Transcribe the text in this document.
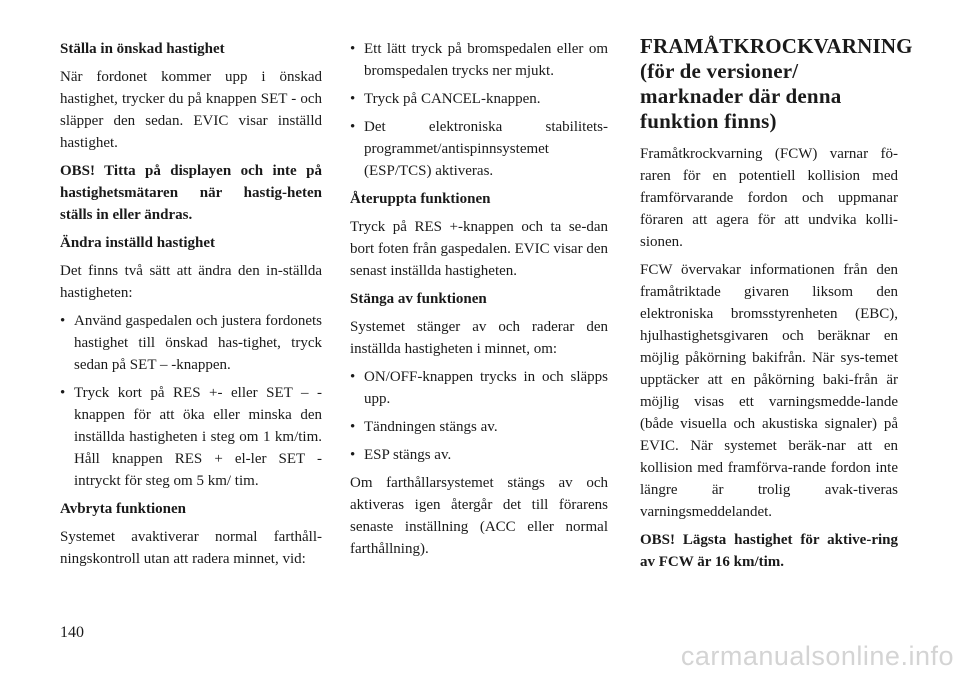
Ställa in önskad hastighet
När fordonet kommer upp i önskad hastighet, trycker du på knappen SET - och släpper den sedan. EVIC visar inställd hastighet.
OBS! Titta på displayen och inte på hastighetsmätaren när hastig-heten ställs in eller ändras.
Ändra inställd hastighet
Det finns två sätt att ändra den in-ställda hastigheten:
• Använd gaspedalen och justera fordonets hastighet till önskad has-tighet, tryck sedan på SET – -knappen.
• Tryck kort på RES +- eller SET – -knappen för att öka eller minska den inställda hastigheten i steg om 1 km/tim. Håll knappen RES + el-ler SET - intryckt för steg om 5 km/ tim.
Avbryta funktionen
Systemet avaktiverar normal farthåll-ningskontroll utan att radera minnet, vid:
• Ett lätt tryck på bromspedalen eller om bromspedalen trycks ner mjukt.
• Tryck på CANCEL-knappen.
• Det elektroniska stabilitets-programmet/antispinnsystemet (ESP/TCS) aktiveras.
Återuppta funktionen
Tryck på RES +-knappen och ta se-dan bort foten från gaspedalen. EVIC visar den senast inställda hastigheten.
Stänga av funktionen
Systemet stänger av och raderar den inställda hastigheten i minnet, om:
• ON/OFF-knappen trycks in och släpps upp.
• Tändningen stängs av.
• ESP stängs av.
Om farthållarsystemet stängs av och aktiveras igen återgår det till förarens senaste inställning (ACC eller normal farthållning).
FRAMÅTKROCKVARNING
(för de versioner/
marknader där denna
funktion finns)
Framåtkrockvarning (FCW) varnar fö-raren för en potentiell kollision med framförvarande fordon och uppmanar föraren att agera för att undvika kolli-sionen.
FCW övervakar informationen från den framåtriktade givaren liksom den elektroniska bromsstyrenheten (EBC), hjulhastighetsgivaren och beräknar en möjlig påkörning bakifrån. När sys-temet upptäcker att en påkörning baki-från är möjlig visas ett varningsmedde-lande (både visuella och akustiska signaler) på EVIC. När systemet beräk-nar att en kollision med framförva-rande fordon inte längre är trolig avak-tiveras varningsmeddelandet.
OBS! Lägsta hastighet för aktive-ring av FCW är 16 km/tim.
140
carmanualsonline.info
